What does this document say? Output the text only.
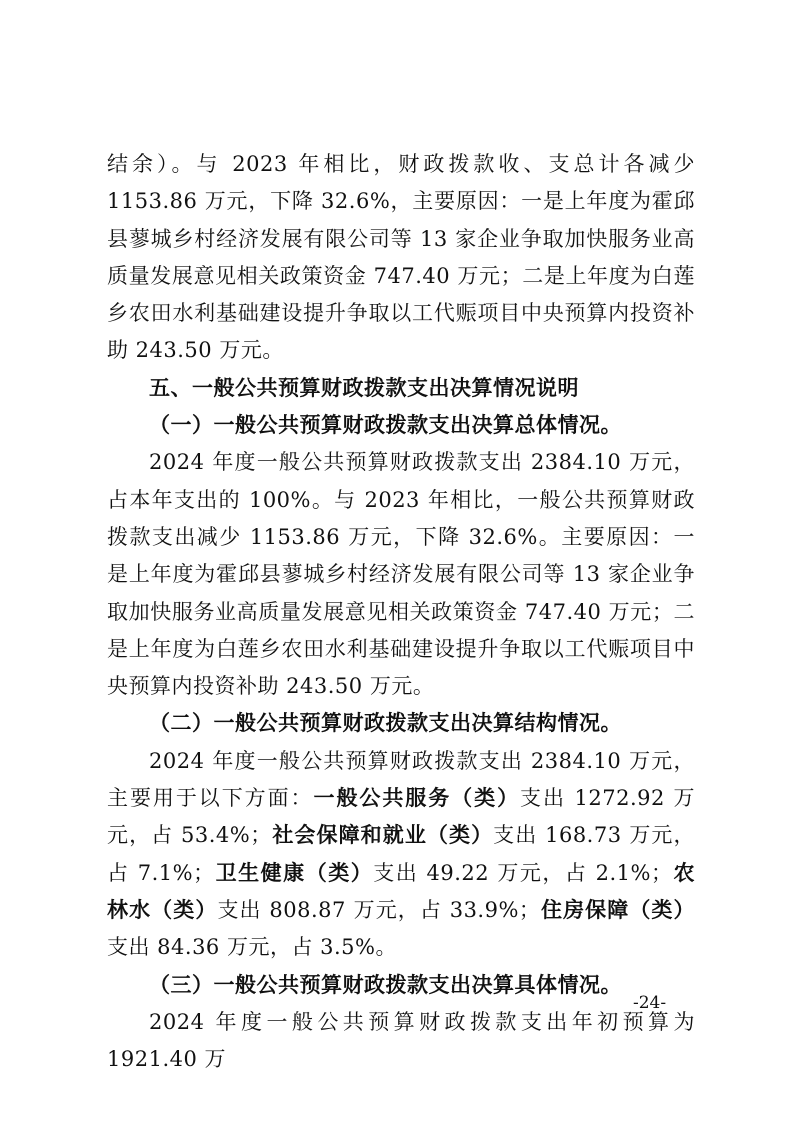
结余）。与 2023 年相比，财政拨款收、支总计各减少 1153.86 万元，下降 32.6%，主要原因：一是上年度为霍邱县蓼城乡村经济发展有限公司等 13 家企业争取加快服务业高质量发展意见相关政策资金 747.40 万元；二是上年度为白莲乡农田水利基础建设提升争取以工代赈项目中央预算内投资补助 243.50 万元。

五、一般公共预算财政拨款支出决算情况说明

（一）一般公共预算财政拨款支出决算总体情况。

2024 年度一般公共预算财政拨款支出 2384.10 万元，占本年支出的 100%。与 2023 年相比，一般公共预算财政拨款支出减少 1153.86 万元，下降 32.6%。主要原因：一是上年度为霍邱县蓼城乡村经济发展有限公司等 13 家企业争取加快服务业高质量发展意见相关政策资金 747.40 万元；二是上年度为白莲乡农田水利基础建设提升争取以工代赈项目中央预算内投资补助 243.50 万元。

（二）一般公共预算财政拨款支出决算结构情况。

2024 年度一般公共预算财政拨款支出 2384.10 万元，主要用于以下方面：一般公共服务（类）支出 1272.92 万元，占 53.4%；社会保障和就业（类）支出 168.73 万元，占 7.1%；卫生健康（类）支出 49.22 万元，占 2.1%；农林水（类）支出 808.87 万元，占 33.9%；住房保障（类）支出 84.36 万元，占 3.5%。

（三）一般公共预算财政拨款支出决算具体情况。

2024 年度一般公共预算财政拨款支出年初预算为 1921.40 万

-24-
